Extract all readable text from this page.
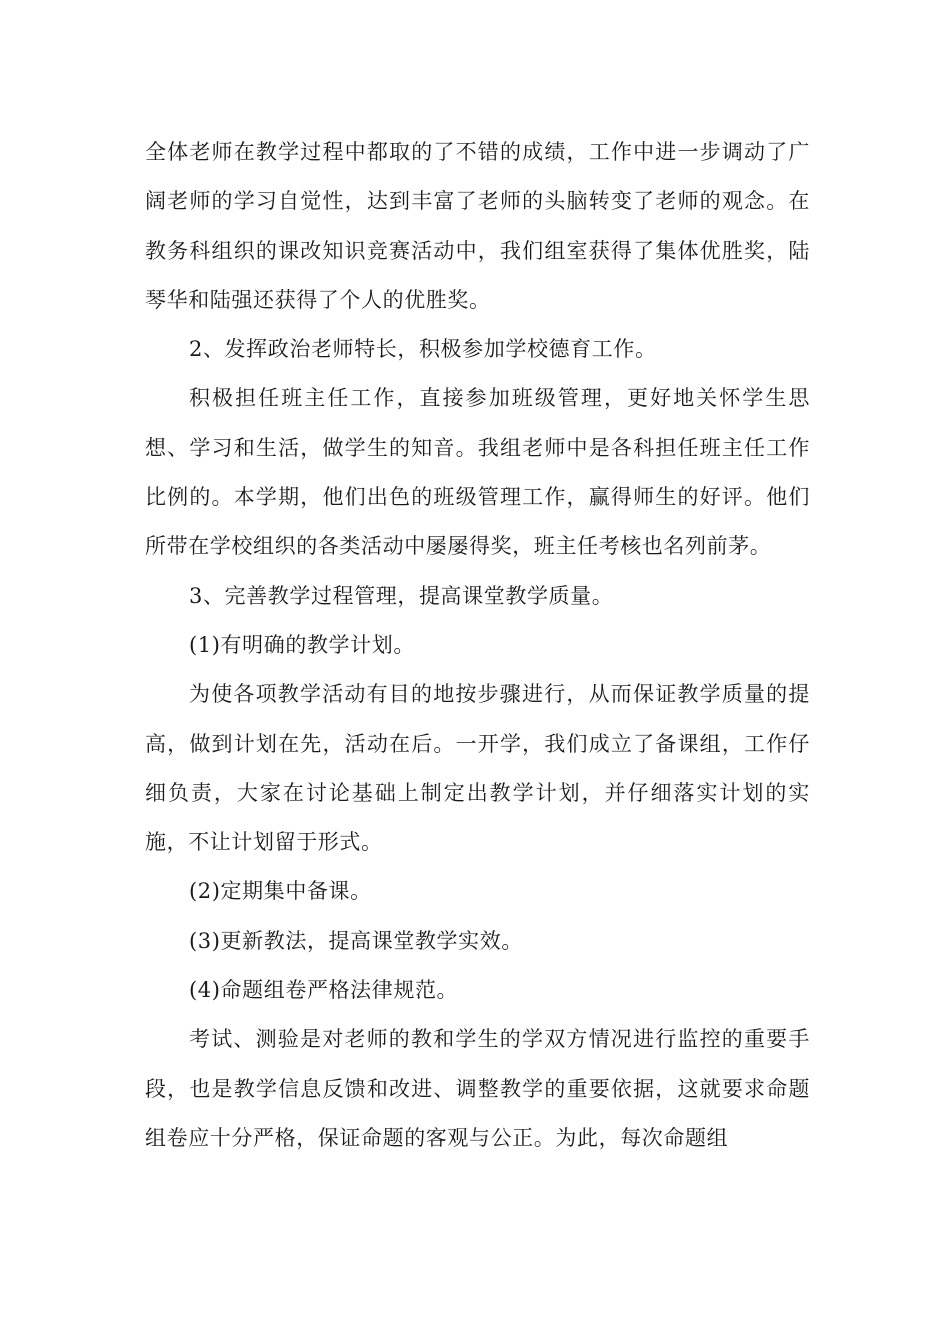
全体老师在教学过程中都取的了不错的成绩，工作中进一步调动了广阔老师的学习自觉性，达到丰富了老师的头脑转变了老师的观念。在教务科组织的课改知识竞赛活动中，我们组室获得了集体优胜奖，陆琴华和陆强还获得了个人的优胜奖。

2、发挥政治老师特长，积极参加学校德育工作。

积极担任班主任工作，直接参加班级管理，更好地关怀学生思想、学习和生活，做学生的知音。我组老师中是各科担任班主任工作比例的。本学期，他们出色的班级管理工作，赢得师生的好评。他们所带在学校组织的各类活动中屡屡得奖，班主任考核也名列前茅。

3、完善教学过程管理，提高课堂教学质量。

(1)有明确的教学计划。

为使各项教学活动有目的地按步骤进行，从而保证教学质量的提高，做到计划在先，活动在后。一开学，我们成立了备课组，工作仔细负责，大家在讨论基础上制定出教学计划，并仔细落实计划的实施，不让计划留于形式。

(2)定期集中备课。

(3)更新教法，提高课堂教学实效。

(4)命题组卷严格法律规范。

考试、测验是对老师的教和学生的学双方情况进行监控的重要手段，也是教学信息反馈和改进、调整教学的重要依据，这就要求命题组卷应十分严格，保证命题的客观与公正。为此，每次命题组
